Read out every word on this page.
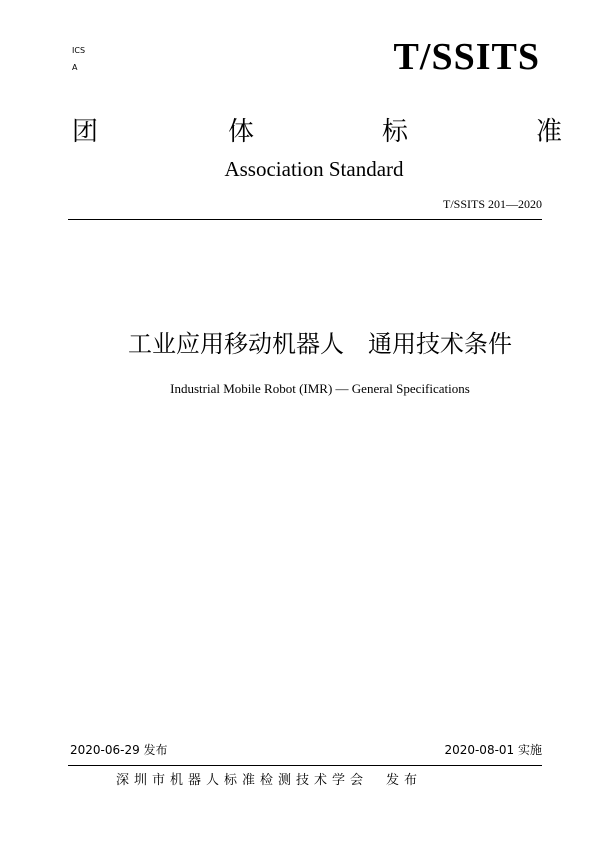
ICS
A	T/SSITS
团	体	标	准
Association Standard
T/SSITS 201—2020
工业应用移动机器人　通用技术条件
Industrial Mobile Robot (IMR) — General Specifications
2020-06-29 发布	2020-08-01 实施
深圳市机器人标准检测技术学会　发布
